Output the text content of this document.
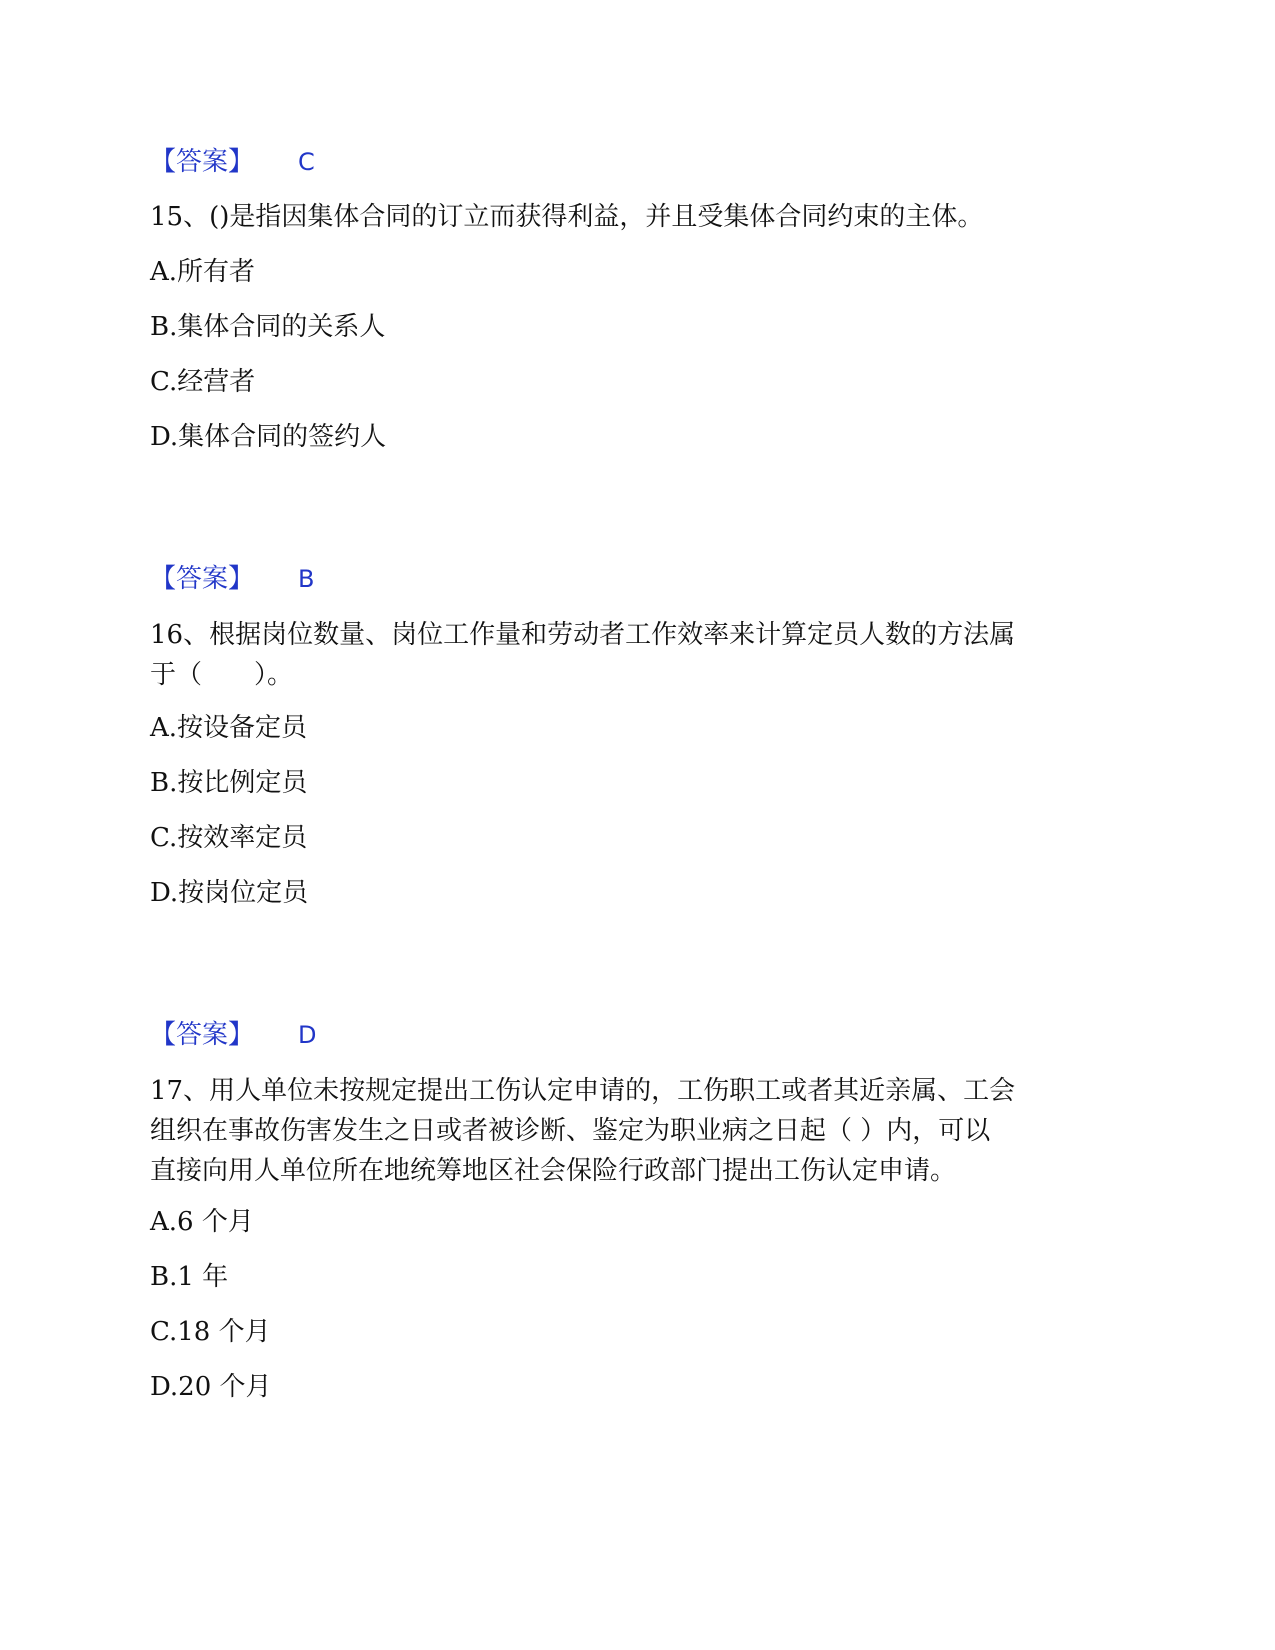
【答案】 C
15、()是指因集体合同的订立而获得利益，并且受集体合同约束的主体。
A.所有者
B.集体合同的关系人
C.经营者
D.集体合同的签约人
【答案】 B
16、根据岗位数量、岗位工作量和劳动者工作效率来计算定员人数的方法属
于（　　）。
A.按设备定员
B.按比例定员
C.按效率定员
D.按岗位定员
【答案】 D
17、用人单位未按规定提出工伤认定申请的，工伤职工或者其近亲属、工会
组织在事故伤害发生之日或者被诊断、鉴定为职业病之日起（ ）内，可以
直接向用人单位所在地统筹地区社会保险行政部门提出工伤认定申请。
A.6 个月
B.1 年
C.18 个月
D.20 个月
